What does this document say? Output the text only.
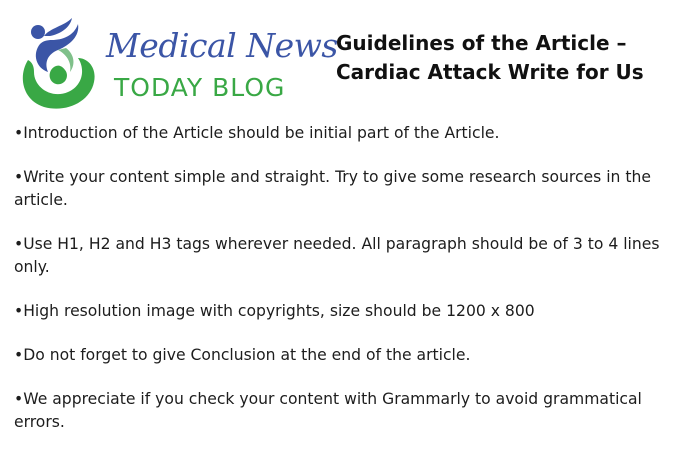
Medical News
TODAY BLOG
Guidelines of the Article –
Cardiac Attack Write for Us

•Introduction of the Article should be initial part of the Article.

•Write your content simple and straight. Try to give some research sources in the article.

•Use H1, H2 and H3 tags wherever needed. All paragraph should be of 3 to 4 lines only.

•High resolution image with copyrights, size should be 1200 x 800

•Do not forget to give Conclusion at the end of the article.

•We appreciate if you check your content with Grammarly to avoid grammatical errors.
